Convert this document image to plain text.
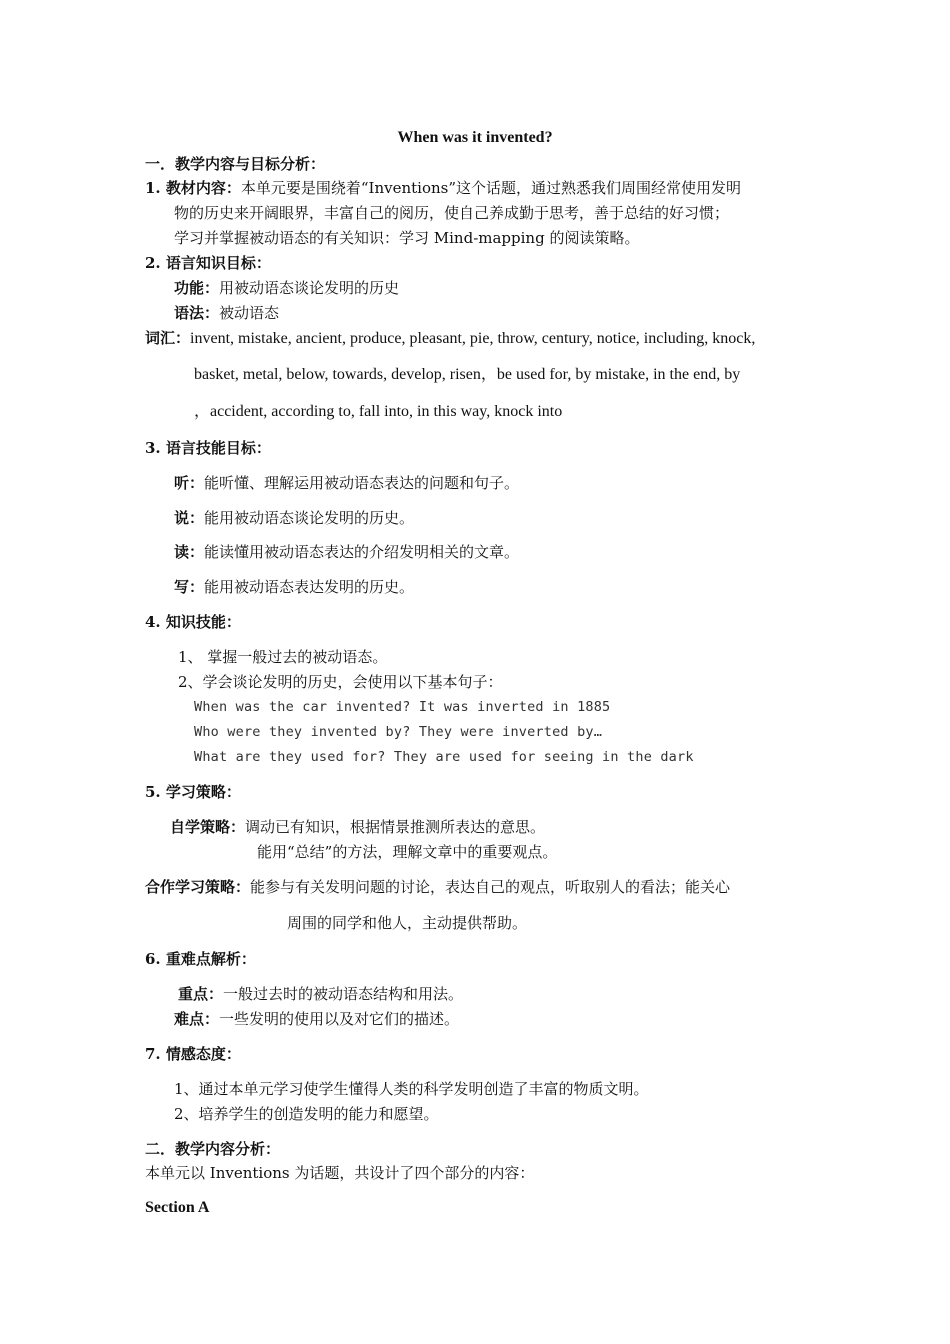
When was it invented?
一．教学内容与目标分析：
1. 教材内容：本单元要是围绕着“Inventions”这个话题，通过熟悉我们周围经常使用发明
物的历史来开阔眼界，丰富自己的阅历，使自己养成勤于思考，善于总结的好习惯；
学习并掌握被动语态的有关知识：学习 Mind-mapping 的阅读策略。
2. 语言知识目标：
功能：用被动语态谈论发明的历史
语法：被动语态
词汇：invent, mistake, ancient, produce, pleasant, pie, throw, century, notice, including, knock,
basket, metal, below, towards, develop, risen，be used for, by mistake, in the end, by
，accident, according to, fall into, in this way, knock into
3. 语言技能目标：
听：能听懂、理解运用被动语态表达的问题和句子。
说：能用被动语态谈论发明的历史。
读：能读懂用被动语态表达的介绍发明相关的文章。
写：能用被动语态表达发明的历史。
4. 知识技能：
1、 掌握一般过去的被动语态。
2、学会谈论发明的历史，会使用以下基本句子：
When was the car invented? It was inverted in 1885
Who were they invented by? They were inverted by…
What are they used for? They are used for seeing in the dark
5. 学习策略：
自学策略：调动已有知识，根据情景推测所表达的意思。
能用“总结”的方法，理解文章中的重要观点。
合作学习策略：能参与有关发明问题的讨论，表达自己的观点，听取别人的看法；能关心
周围的同学和他人，主动提供帮助。
6. 重难点解析：
重点：一般过去时的被动语态结构和用法。
难点：一些发明的使用以及对它们的描述。
7. 情感态度：
1、通过本单元学习使学生懂得人类的科学发明创造了丰富的物质文明。
2、培养学生的创造发明的能力和愿望。
二．教学内容分析：
本单元以 Inventions 为话题，共设计了四个部分的内容：
Section A
